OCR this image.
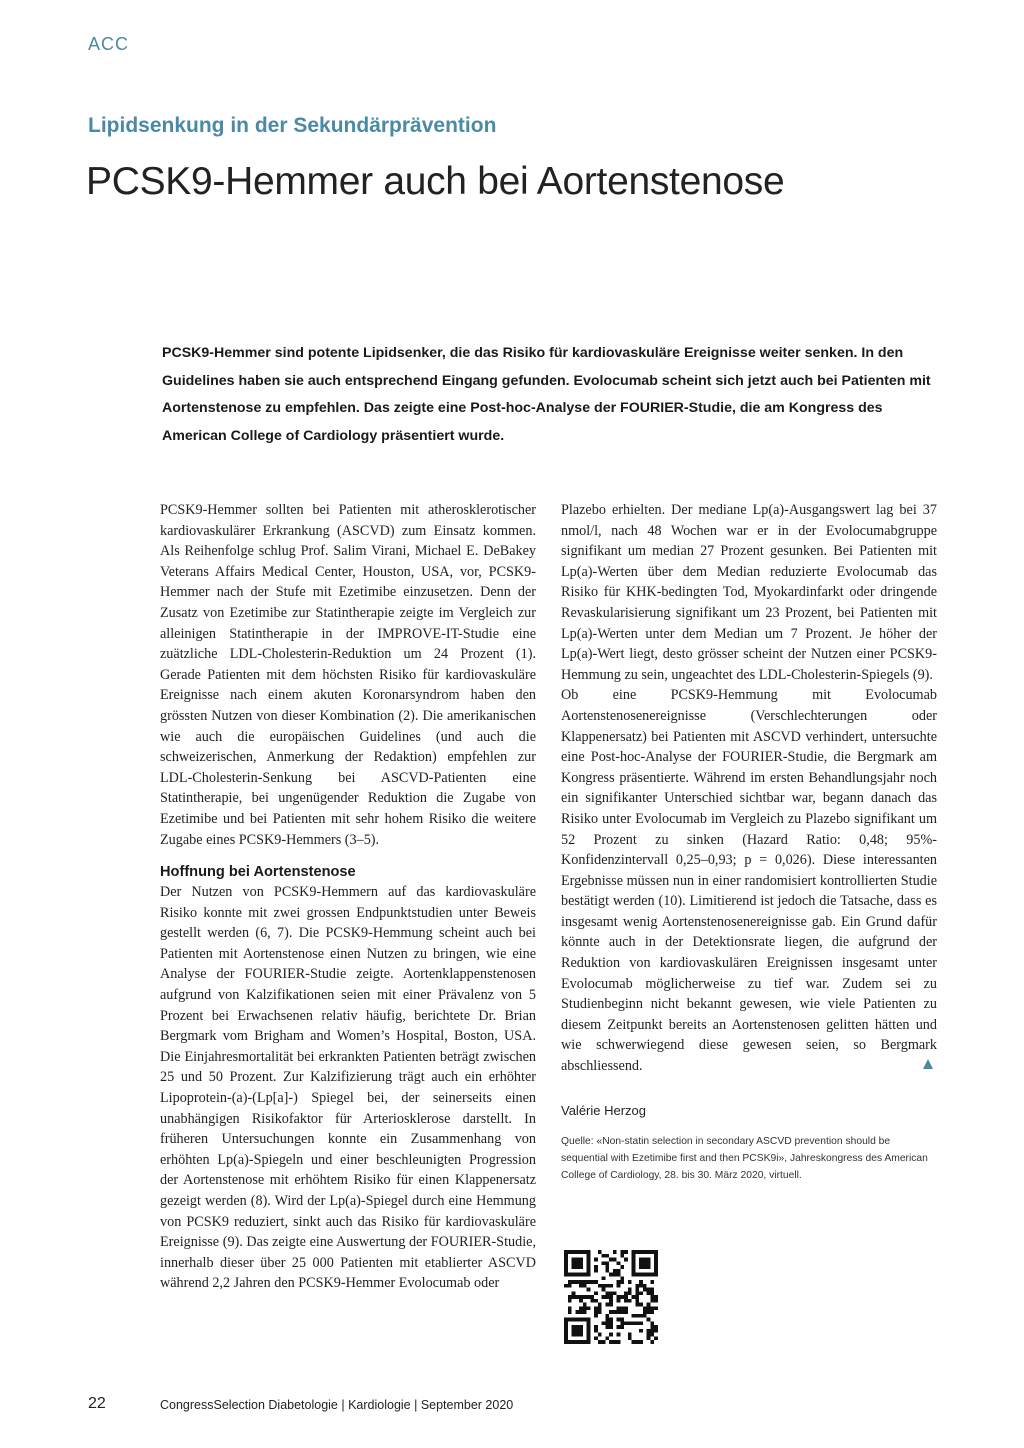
ACC
Lipidsenkung in der Sekundärprävention
PCSK9-Hemmer auch bei Aortenstenose

PCSK9-Hemmer sind potente Lipidsenker, die das Risiko für kardiovaskuläre Ereignisse weiter senken. In den Guidelines haben sie auch entsprechend Eingang gefunden. Evolocumab scheint sich jetzt auch bei Patienten mit Aortenstenose zu empfehlen. Das zeigte eine Post-hoc-Analyse der FOURIER-Studie, die am Kongress des American College of Cardiology präsentiert wurde.

PCSK9-Hemmer sollten bei Patienten mit atherosklerotischer kardiovaskulärer Erkrankung (ASCVD) zum Einsatz kommen. Als Reihenfolge schlug Prof. Salim Virani, Michael E. DeBakey Veterans Affairs Medical Center, Houston, USA, vor, PCSK9-Hemmer nach der Stufe mit Ezetimibe einzusetzen. Denn der Zusatz von Ezetimibe zur Statintherapie zeigte im Vergleich zur alleinigen Statintherapie in der IMPROVE-IT-Studie eine zuätzliche LDL-Cholesterin-Reduktion um 24 Prozent (1). Gerade Patienten mit dem höchsten Risiko für kardiovaskuläre Ereignisse nach einem akuten Koronarsyndrom haben den grössten Nutzen von dieser Kombination (2). Die amerikanischen wie auch die europäischen Guidelines (und auch die schweizerischen, Anmerkung der Redaktion) empfehlen zur LDL-Cholesterin-Senkung bei ASCVD-Patienten eine Statintherapie, bei ungenügender Reduktion die Zugabe von Ezetimibe und bei Patienten mit sehr hohem Risiko die weitere Zugabe eines PCSK9-Hemmers (3–5).

Hoffnung bei Aortenstenose

Der Nutzen von PCSK9-Hemmern auf das kardiovaskuläre Risiko konnte mit zwei grossen Endpunktstudien unter Beweis gestellt werden (6, 7). Die PCSK9-Hemmung scheint auch bei Patienten mit Aortenstenose einen Nutzen zu bringen, wie eine Analyse der FOURIER-Studie zeigte. Aortenklappenstenosen aufgrund von Kalzifikationen seien mit einer Prävalenz von 5 Prozent bei Erwachsenen relativ häufig, berichtete Dr. Brian Bergmark vom Brigham and Women’s Hospital, Boston, USA. Die Einjahresmortalität bei erkrankten Patienten beträgt zwischen 25 und 50 Prozent. Zur Kalzifizierung trägt auch ein erhöhter Lipoprotein-(a)-(Lp[a]-) Spiegel bei, der seinerseits einen unabhängigen Risikofaktor für Arteriosklerose darstellt. In früheren Untersuchungen konnte ein Zusammenhang von erhöhten Lp(a)-Spiegeln und einer beschleunigten Progression der Aortenstenose mit erhöhtem Risiko für einen Klappenersatz gezeigt werden (8). Wird der Lp(a)-Spiegel durch eine Hemmung von PCSK9 reduziert, sinkt auch das Risiko für kardiovaskuläre Ereignisse (9). Das zeigte eine Auswertung der FOURIER-Studie, innerhalb dieser über 25 000 Patienten mit etablierter ASCVD während 2,2 Jahren den PCSK9-Hemmer Evolocumab oder

Plazebo erhielten. Der mediane Lp(a)-Ausgangswert lag bei 37 nmol/l, nach 48 Wochen war er in der Evolocumabgruppe signifikant um median 27 Prozent gesunken. Bei Patienten mit Lp(a)-Werten über dem Median reduzierte Evolocumab das Risiko für KHK-bedingten Tod, Myokardinfarkt oder dringende Revaskularisierung signifikant um 23 Prozent, bei Patienten mit Lp(a)-Werten unter dem Median um 7 Prozent. Je höher der Lp(a)-Wert liegt, desto grösser scheint der Nutzen einer PCSK9-Hemmung zu sein, ungeachtet des LDL-Cholesterin-Spiegels (9).

Ob eine PCSK9-Hemmung mit Evolocumab Aortenstenosenereignisse (Verschlechterungen oder Klappenersatz) bei Patienten mit ASCVD verhindert, untersuchte eine Post-hoc-Analyse der FOURIER-Studie, die Bergmark am Kongress präsentierte. Während im ersten Behandlungsjahr noch ein signifikanter Unterschied sichtbar war, begann danach das Risiko unter Evolocumab im Vergleich zu Plazebo signifikant um 52 Prozent zu sinken (Hazard Ratio: 0,48; 95%-Konfidenzintervall 0,25–0,93; p = 0,026). Diese interessanten Ergebnisse müssen nun in einer randomisiert kontrollierten Studie bestätigt werden (10). Limitierend ist jedoch die Tatsache, dass es insgesamt wenig Aortenstenosenereignisse gab. Ein Grund dafür könnte auch in der Detektionsrate liegen, die aufgrund der Reduktion von kardiovaskulären Ereignissen insgesamt unter Evolocumab möglicherweise zu tief war. Zudem sei zu Studienbeginn nicht bekannt gewesen, wie viele Patienten zu diesem Zeitpunkt bereits an Aortenstenosen gelitten hätten und wie schwerwiegend diese gewesen seien, so Bergmark abschliessend.

Valérie Herzog
Quelle: «Non-statin selection in secondary ASCVD prevention should be sequential with Ezetimibe first and then PCSK9i», Jahreskongress des American College of Cardiology, 28. bis 30. März 2020, virtuell.
22	CongressSelection Diabetologie | Kardiologie | September 2020
